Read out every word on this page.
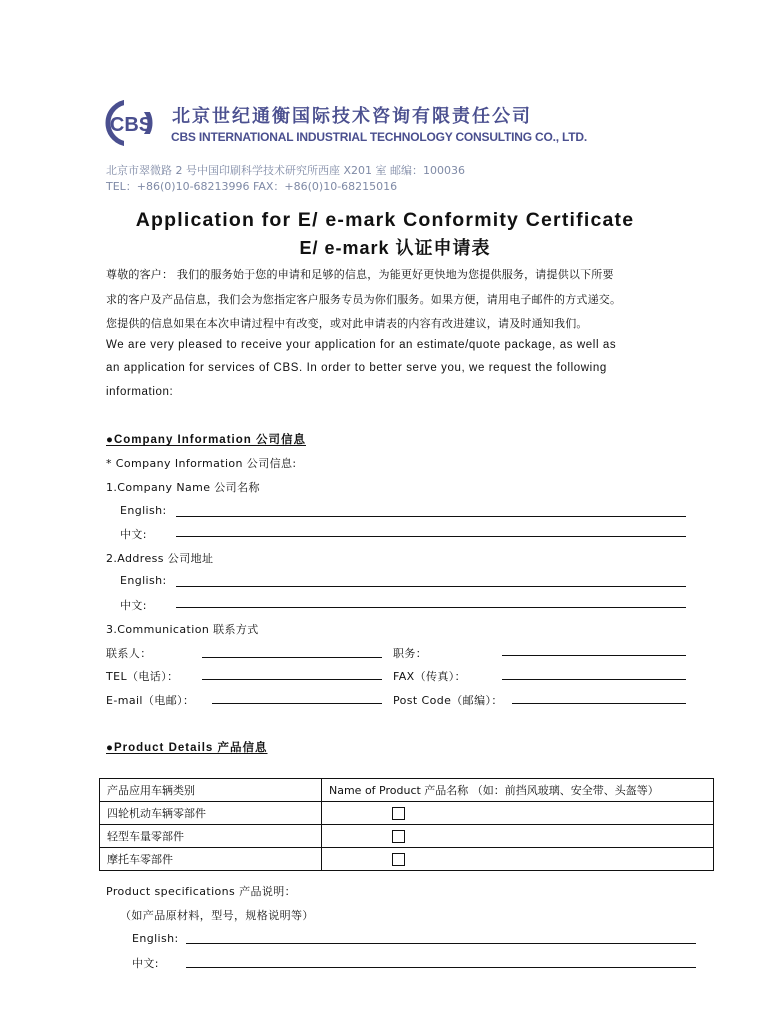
CBS 北京世纪通衡国际技术咨询有限责任公司
CBS INTERNATIONAL INDUSTRIAL TECHNOLOGY CONSULTING CO., LTD.
北京市翠微路 2 号中国印刷科学技术研究所西座 X201 室 邮编：100036
TEL：+86(0)10-68213996 FAX：+86(0)10-68215016
Application for E/ e-mark Conformity Certificate
E/ e-mark 认证申请表
尊敬的客户： 我们的服务始于您的申请和足够的信息，为能更好更快地为您提供服务，请提供以下所要
求的客户及产品信息，我们会为您指定客户服务专员为你们服务。如果方便，请用电子邮件的方式递交。
您提供的信息如果在本次申请过程中有改变，或对此申请表的内容有改进建议，请及时通知我们。
We are very pleased to receive your application for an estimate/quote package, as well as
an application for services of CBS. In order to better serve you, we request the following
information:
●Company Information 公司信息
* Company Information 公司信息:
1.Company Name 公司名称
English:
中文:
2.Address 公司地址
English:
中文:
3.Communication 联系方式
联系人：	职务：
TEL（电话）：	FAX（传真）：
E-mail（电邮）：	Post Code（邮编）：
●Product Details 产品信息
产品应用车辆类别	Name of Product 产品名称 （如：前挡风玻璃、安全带、头盔等）
四轮机动车辆零部件

轻型车量零部件

摩托车零部件

Product specifications 产品说明：
（如产品原材料，型号，规格说明等）
English:
中文:
